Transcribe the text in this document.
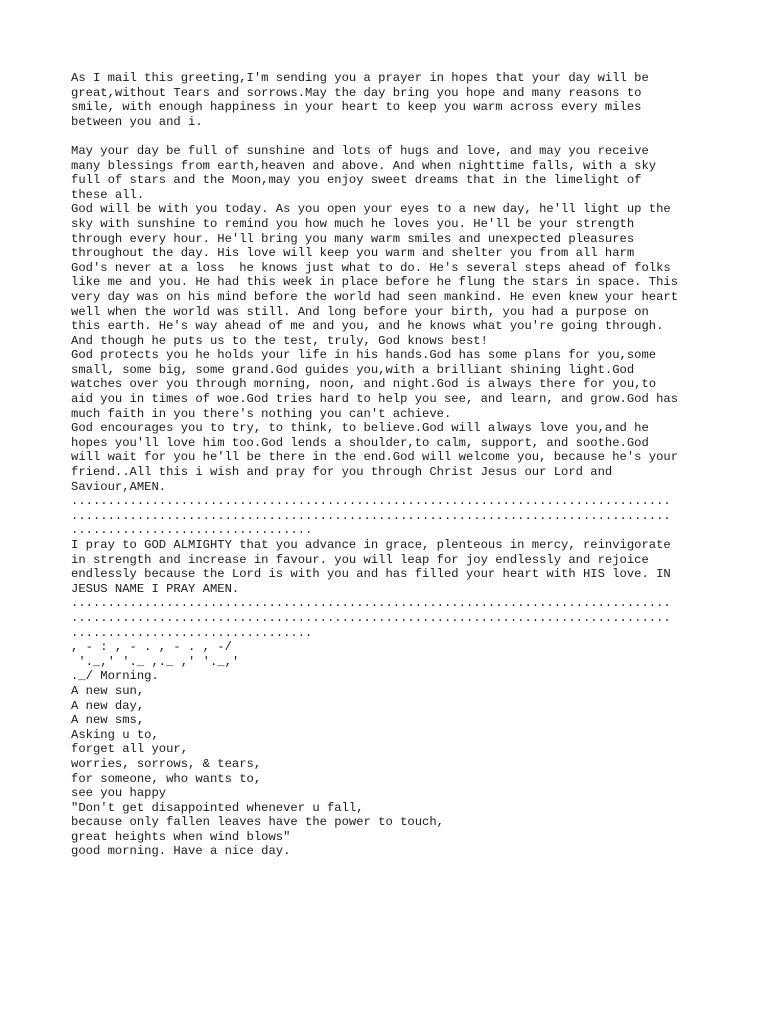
As I mail this greeting,I'm sending you a prayer in hopes that your day will be
great,without Tears and sorrows.May the day bring you hope and many reasons to
smile, with enough happiness in your heart to keep you warm across every miles
between you and i.

May your day be full of sunshine and lots of hugs and love, and may you receive
many blessings from earth,heaven and above. And when nighttime falls, with a sky
full of stars and the Moon,may you enjoy sweet dreams that in the limelight of
these all.

God will be with you today. As you open your eyes to a new day, he'll light up the
sky with sunshine to remind you how much he loves you. He'll be your strength
through every hour. He'll bring you many warm smiles and unexpected pleasures
throughout the day. His love will keep you warm and shelter you from all harm

God's never at a loss  he knows just what to do. He's several steps ahead of folks
like me and you. He had this week in place before he flung the stars in space. This
very day was on his mind before the world had seen mankind. He even knew your heart
well when the world was still. And long before your birth, you had a purpose on
this earth. He's way ahead of me and you, and he knows what you're going through.
And though he puts us to the test, truly, God knows best!

God protects you he holds your life in his hands.God has some plans for you,some
small, some big, some grand.God guides you,with a brilliant shining light.God
watches over you through morning, noon, and night.God is always there for you,to
aid you in times of woe.God tries hard to help you see, and learn, and grow.God has
much faith in you there's nothing you can't achieve.

God encourages you to try, to think, to believe.God will always love you,and he
hopes you'll love him too.God lends a shoulder,to calm, support, and soothe.God
will wait for you he'll be there in the end.God will welcome you, because he's your
friend..All this i wish and pray for you through Christ Jesus our Lord and
Saviour,AMEN.

..................................................................................
..................................................................................
.................................

I pray to GOD ALMIGHTY that you advance in grace, plenteous in mercy, reinvigorate
in strength and increase in favour. you will leap for joy endlessly and rejoice
endlessly because the Lord is with you and has filled your heart with HIS love. IN
JESUS NAME I PRAY AMEN.

..................................................................................
..................................................................................
.................................

, - : , - . , - . , -/
'._,' '._ ,._ ,' '._,'
._/ Morning.

A new sun,
A new day,
A new sms,
Asking u to,
forget all your,
worries, sorrows, & tears,
for someone, who wants to,
see you happy
"Don't get disappointed whenever u fall,
because only fallen leaves have the power to touch,
great heights when wind blows"
good morning. Have a nice day.
